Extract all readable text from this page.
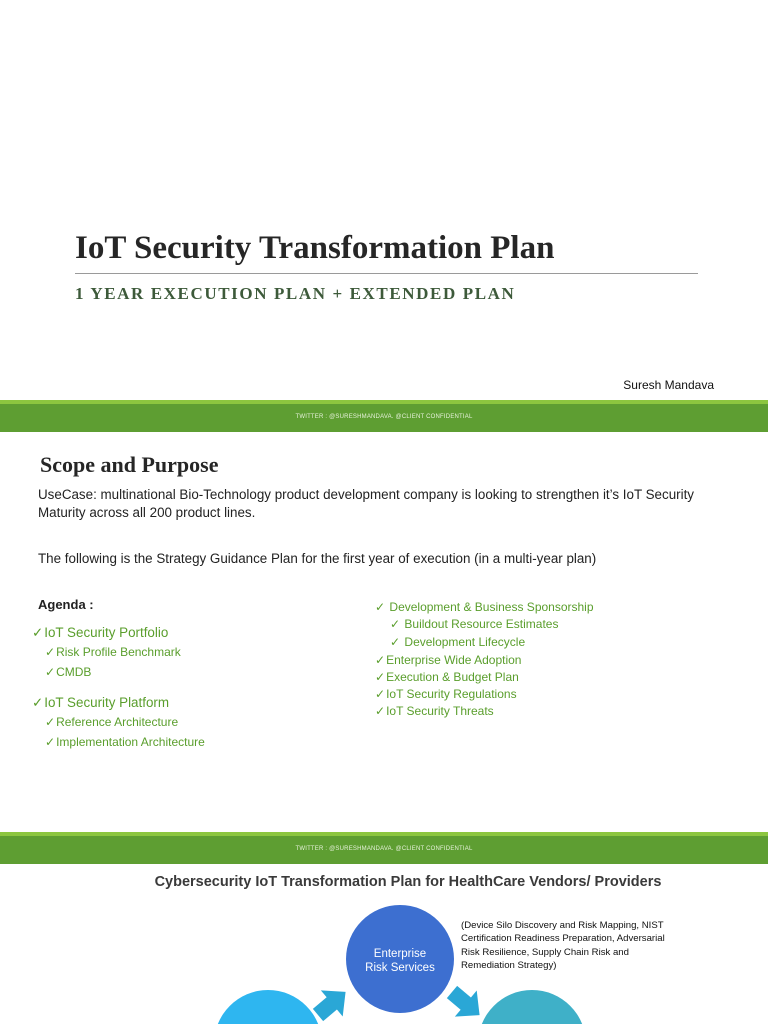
IoT Security Transformation Plan
1 YEAR EXECUTION PLAN + EXTENDED PLAN
Suresh Mandava
TWITTER : @SURESHMANDAVA. @CLIENT CONFIDENTIAL
Scope and Purpose

UseCase: multinational Bio-Technology product development company is looking to strengthen it’s IoT Security Maturity across all 200 product lines.

The following is the Strategy Guidance Plan for the first year of execution (in a multi-year plan)

Agenda :
✓IoT Security Portfolio
✓Risk Profile Benchmark
✓CMDB
✓IoT Security Platform
✓Reference Architecture
✓Implementation Architecture
✓ Development & Business Sponsorship
✓ Buildout Resource Estimates
✓ Development Lifecycle
✓Enterprise Wide Adoption
✓Execution & Budget Plan
✓IoT Security Regulations
✓IoT Security Threats
TWITTER : @SURESHMANDAVA. @CLIENT CONFIDENTIAL
Cybersecurity IoT Transformation Plan for HealthCare Vendors/ Providers
Enterprise
Risk Services
(Device Silo Discovery and Risk Mapping, NIST Certification Readiness Preparation, Adversarial Risk Resilience, Supply Chain Risk and Remediation Strategy)
